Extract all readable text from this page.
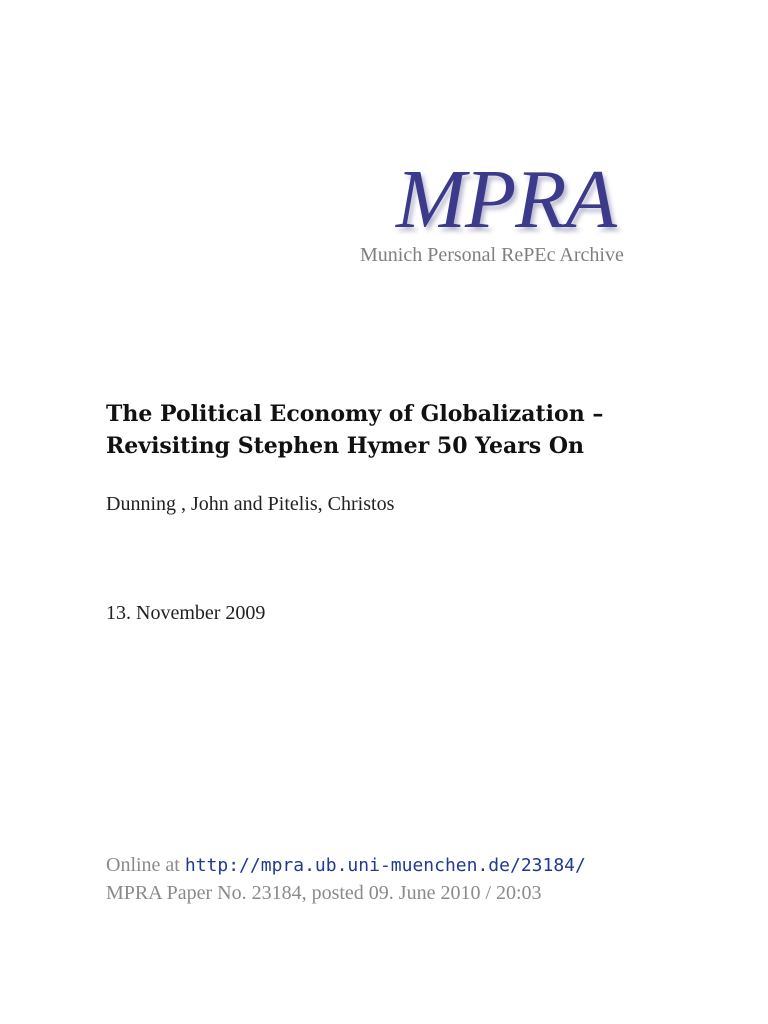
MPRA
Munich Personal RePEc Archive
The Political Economy of Globalization –
Revisiting Stephen Hymer 50 Years On
Dunning , John and Pitelis, Christos
13. November 2009
Online at http://mpra.ub.uni-muenchen.de/23184/
MPRA Paper No. 23184, posted 09. June 2010 / 20:03
